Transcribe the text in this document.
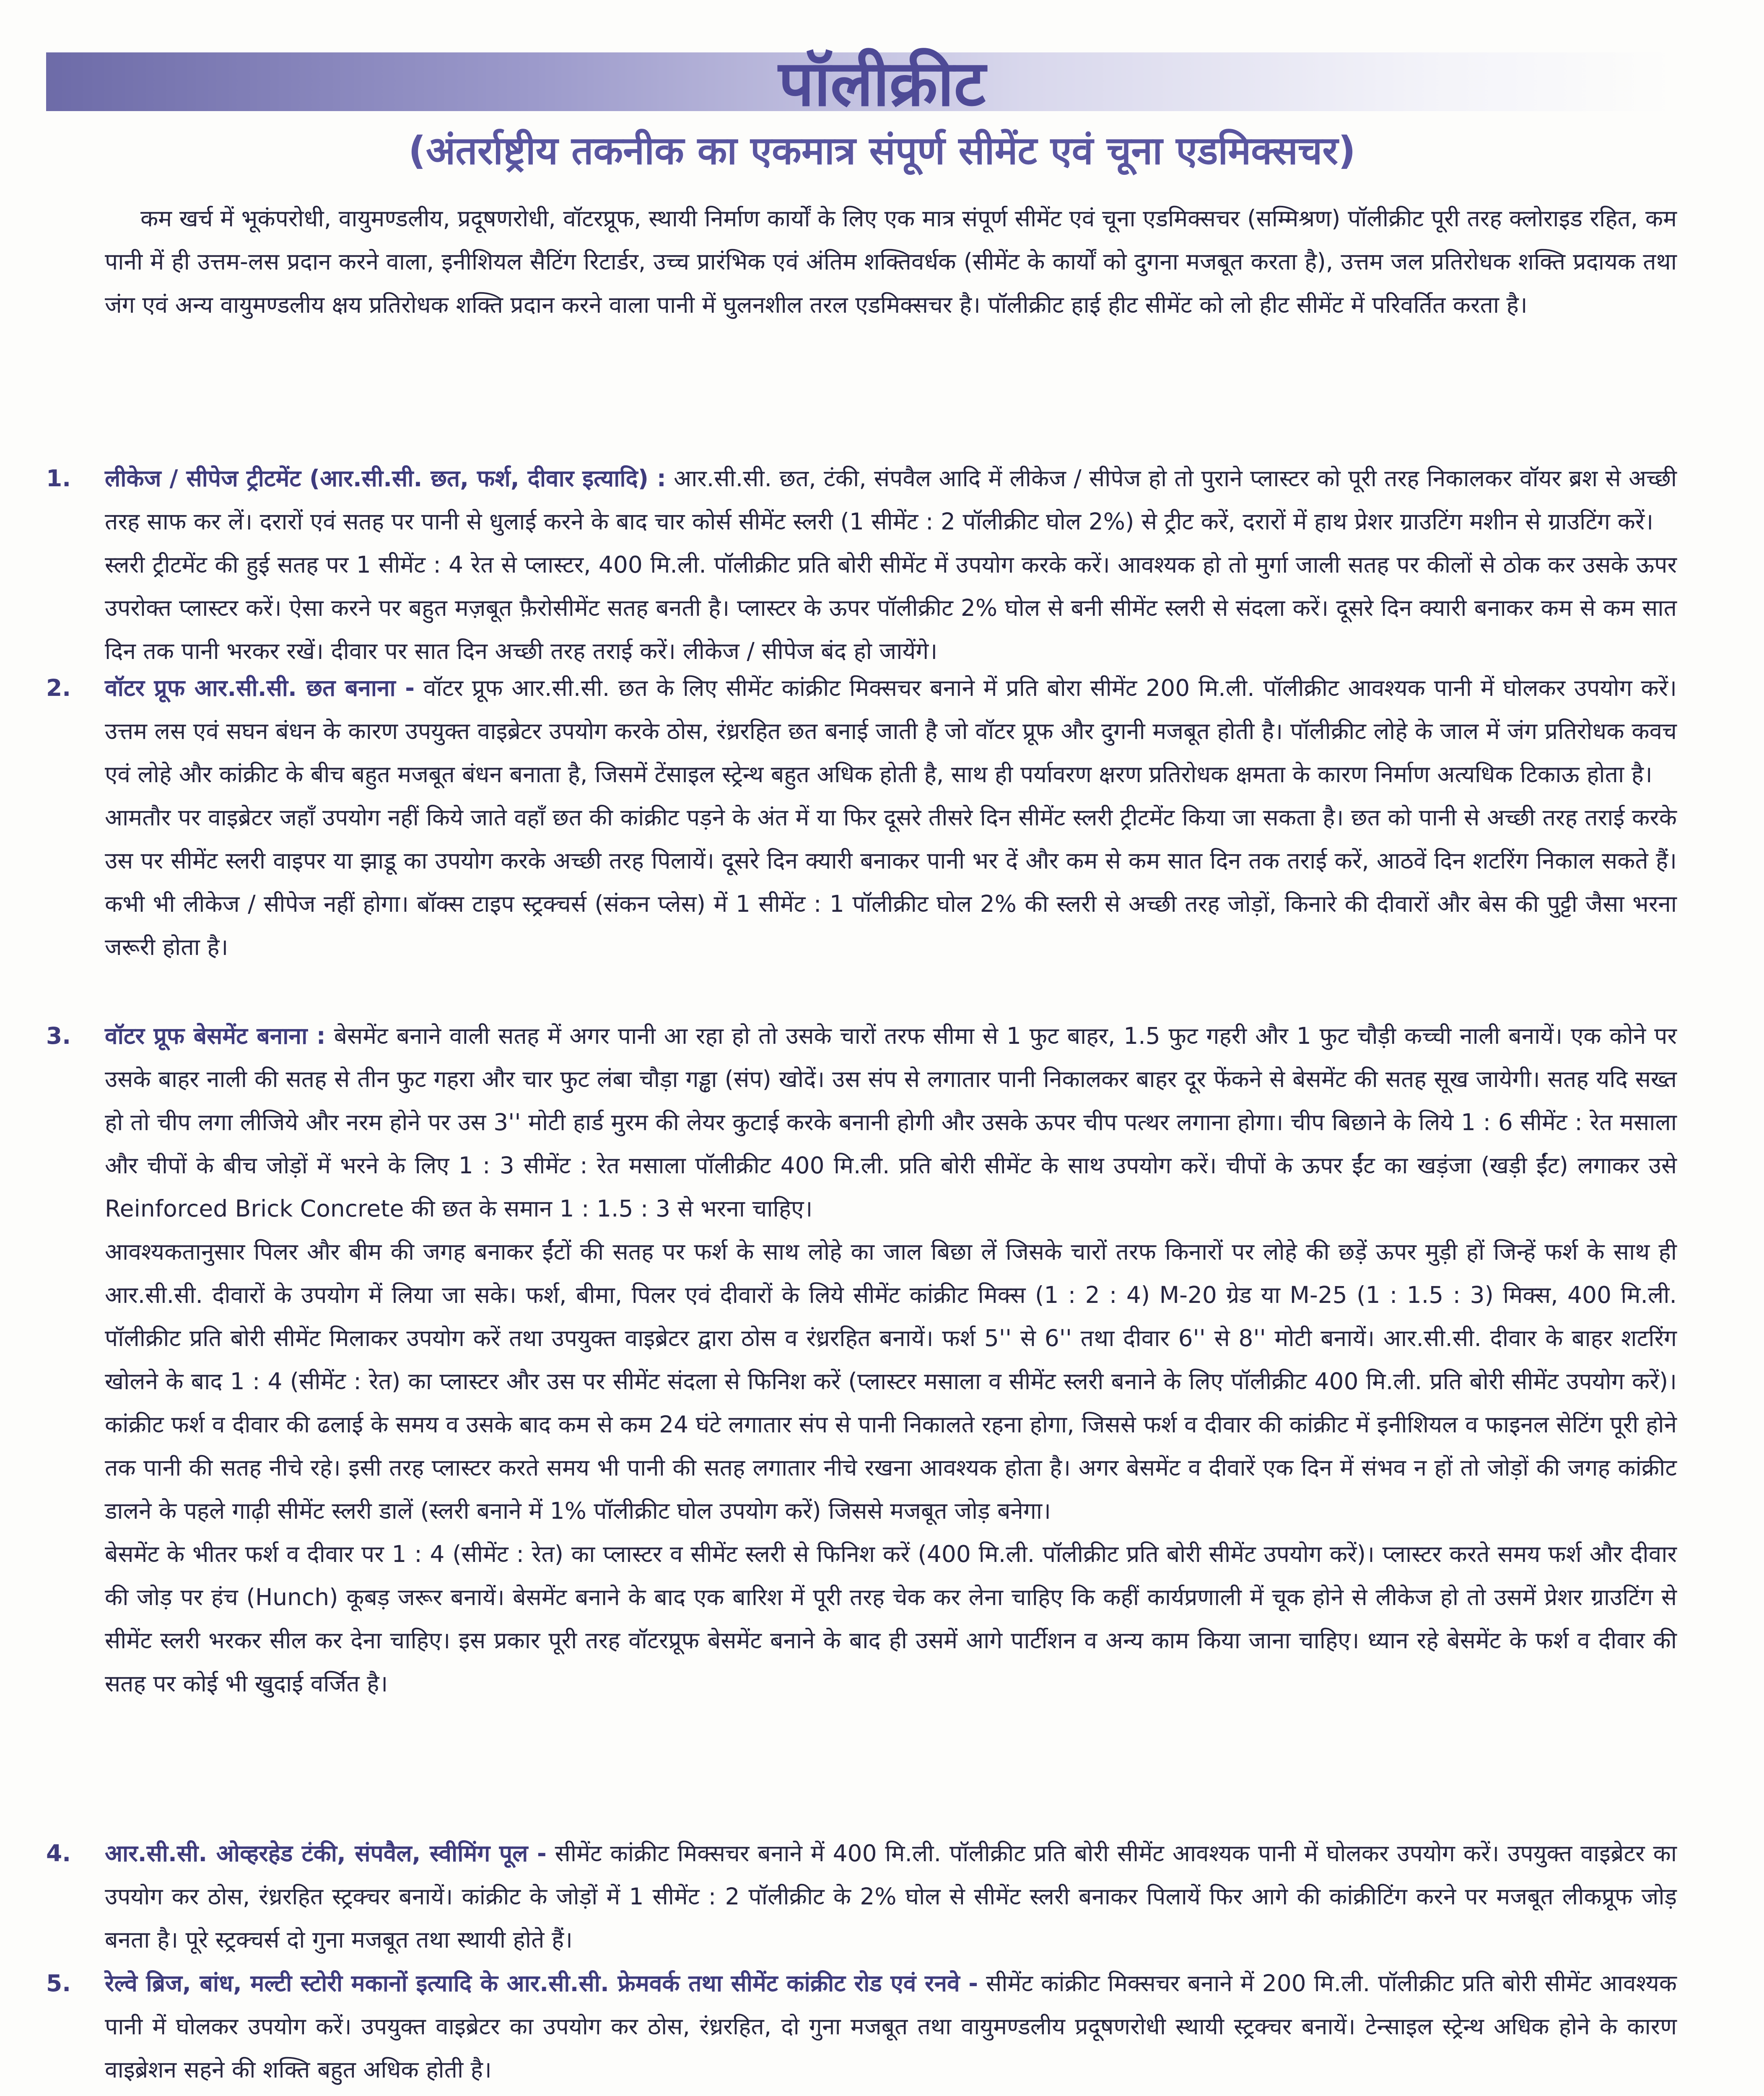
पॉलीक्रीट
(अंतर्राष्ट्रीय तकनीक का एकमात्र संपूर्ण सीमेंट एवं चूना एडमिक्सचर)
कम खर्च में भूकंपरोधी, वायुमण्डलीय, प्रदूषणरोधी, वॉटरप्रूफ, स्थायी निर्माण कार्यों के लिए एक मात्र संपूर्ण सीमेंट एवं चूना एडमिक्सचर (सम्मिश्रण) पॉलीक्रीट पूरी तरह क्लोराइड रहित, कम पानी में ही उत्तम-लस प्रदान करने वाला, इनीशियल सैटिंग रिटार्डर, उच्च प्रारंभिक एवं अंतिम शक्तिवर्धक (सीमेंट के कार्यों को दुगना मजबूत करता है), उत्तम जल प्रतिरोधक शक्ति प्रदायक तथा जंग एवं अन्य वायुमण्डलीय क्षय प्रतिरोधक शक्ति प्रदान करने वाला पानी में घुलनशील तरल एडमिक्सचर है। पॉलीक्रीट हाई हीट सीमेंट को लो हीट सीमेंट में परिवर्तित करता है।
1.	लीकेज / सीपेज ट्रीटमेंट (आर.सी.सी. छत, फर्श, दीवार इत्यादि) : आर.सी.सी. छत, टंकी, संपवैल आदि में लीकेज / सीपेज हो तो पुराने प्लास्टर को पूरी तरह निकालकर वॉयर ब्रश से अच्छी तरह साफ कर लें। दरारों एवं सतह पर पानी से धुलाई करने के बाद चार कोर्स सीमेंट स्लरी (1 सीमेंट : 2 पॉलीक्रीट घोल 2%) से ट्रीट करें, दरारों में हाथ प्रेशर ग्राउटिंग मशीन से ग्राउटिंग करें।

स्लरी ट्रीटमेंट की हुई सतह पर 1 सीमेंट : 4 रेत से प्लास्टर, 400 मि.ली. पॉलीक्रीट प्रति बोरी सीमेंट में उपयोग करके करें। आवश्यक हो तो मुर्गा जाली सतह पर कीलों से ठोक कर उसके ऊपर उपरोक्त प्लास्टर करें। ऐसा करने पर बहुत मज़बूत फ़ैरोसीमेंट सतह बनती है। प्लास्टर के ऊपर पॉलीक्रीट 2% घोल से बनी सीमेंट स्लरी से संदला करें। दूसरे दिन क्यारी बनाकर कम से कम सात दिन तक पानी भरकर रखें। दीवार पर सात दिन अच्छी तरह तराई करें। लीकेज / सीपेज बंद हो जायेंगे।

2.	वॉटर प्रूफ आर.सी.सी. छत बनाना - वॉटर प्रूफ आर.सी.सी. छत के लिए सीमेंट कांक्रीट मिक्सचर बनाने में प्रति बोरा सीमेंट 200 मि.ली. पॉलीक्रीट आवश्यक पानी में घोलकर उपयोग करें। उत्तम लस एवं सघन बंधन के कारण उपयुक्त वाइब्रेटर उपयोग करके ठोस, रंध्ररहित छत बनाई जाती है जो वॉटर प्रूफ और दुगनी मजबूत होती है। पॉलीक्रीट लोहे के जाल में जंग प्रतिरोधक कवच एवं लोहे और कांक्रीट के बीच बहुत मजबूत बंधन बनाता है, जिसमें टेंसाइल स्ट्रेन्थ बहुत अधिक होती है, साथ ही पर्यावरण क्षरण प्रतिरोधक क्षमता के कारण निर्माण अत्यधिक टिकाऊ होता है।

आमतौर पर वाइब्रेटर जहाँ उपयोग नहीं किये जाते वहाँ छत की कांक्रीट पड़ने के अंत में या फिर दूसरे तीसरे दिन सीमेंट स्लरी ट्रीटमेंट किया जा सकता है। छत को पानी से अच्छी तरह तराई करके उस पर सीमेंट स्लरी वाइपर या झाडू का उपयोग करके अच्छी तरह पिलायें। दूसरे दिन क्यारी बनाकर पानी भर दें और कम से कम सात दिन तक तराई करें, आठवें दिन शटरिंग निकाल सकते हैं। कभी भी लीकेज / सीपेज नहीं होगा। बॉक्स टाइप स्ट्रक्चर्स (संकन प्लेस) में 1 सीमेंट : 1 पॉलीक्रीट घोल 2% की स्लरी से अच्छी तरह जोड़ों, किनारे की दीवारों और बेस की पुट्टी जैसा भरना जरूरी होता है।

3.	वॉटर प्रूफ बेसमेंट बनाना : बेसमेंट बनाने वाली सतह में अगर पानी आ रहा हो तो उसके चारों तरफ सीमा से 1 फुट बाहर, 1.5 फुट गहरी और 1 फुट चौड़ी कच्ची नाली बनायें। एक कोने पर उसके बाहर नाली की सतह से तीन फुट गहरा और चार फुट लंबा चौड़ा गड्ढा (संप) खोदें। उस संप से लगातार पानी निकालकर बाहर दूर फेंकने से बेसमेंट की सतह सूख जायेगी। सतह यदि सख्त हो तो चीप लगा लीजिये और नरम होने पर उस 3'' मोटी हार्ड मुरम की लेयर कुटाई करके बनानी होगी और उसके ऊपर चीप पत्थर लगाना होगा। चीप बिछाने के लिये 1 : 6 सीमेंट : रेत मसाला और चीपों के बीच जोड़ों में भरने के लिए 1 : 3 सीमेंट : रेत मसाला पॉलीक्रीट 400 मि.ली. प्रति बोरी सीमेंट के साथ उपयोग करें। चीपों के ऊपर ईंट का खड़ंजा (खड़ी ईंट) लगाकर उसे Reinforced Brick Concrete की छत के समान 1 : 1.5 : 3 से भरना चाहिए।

आवश्यकतानुसार पिलर और बीम की जगह बनाकर ईंटों की सतह पर फर्श के साथ लोहे का जाल बिछा लें जिसके चारों तरफ किनारों पर लोहे की छड़ें ऊपर मुड़ी हों जिन्हें फर्श के साथ ही आर.सी.सी. दीवारों के उपयोग में लिया जा सके। फर्श, बीमा, पिलर एवं दीवारों के लिये सीमेंट कांक्रीट मिक्स (1 : 2 : 4) M-20 ग्रेड या M-25 (1 : 1.5 : 3) मिक्स, 400 मि.ली. पॉलीक्रीट प्रति बोरी सीमेंट मिलाकर उपयोग करें तथा उपयुक्त वाइब्रेटर द्वारा ठोस व रंध्ररहित बनायें। फर्श 5'' से 6'' तथा दीवार 6'' से 8'' मोटी बनायें। आर.सी.सी. दीवार के बाहर शटरिंग खोलने के बाद 1 : 4 (सीमेंट : रेत) का प्लास्टर और उस पर सीमेंट संदला से फिनिश करें (प्लास्टर मसाला व सीमेंट स्लरी बनाने के लिए पॉलीक्रीट 400 मि.ली. प्रति बोरी सीमेंट उपयोग करें)। कांक्रीट फर्श व दीवार की ढलाई के समय व उसके बाद कम से कम 24 घंटे लगातार संप से पानी निकालते रहना होगा, जिससे फर्श व दीवार की कांक्रीट में इनीशियल व फाइनल सेटिंग पूरी होने तक पानी की सतह नीचे रहे। इसी तरह प्लास्टर करते समय भी पानी की सतह लगातार नीचे रखना आवश्यक होता है। अगर बेसमेंट व दीवारें एक दिन में संभव न हों तो जोड़ों की जगह कांक्रीट डालने के पहले गाढ़ी सीमेंट स्लरी डालें (स्लरी बनाने में 1% पॉलीक्रीट घोल उपयोग करें) जिससे मजबूत जोड़ बनेगा।

बेसमेंट के भीतर फर्श व दीवार पर 1 : 4 (सीमेंट : रेत) का प्लास्टर व सीमेंट स्लरी से फिनिश करें (400 मि.ली. पॉलीक्रीट प्रति बोरी सीमेंट उपयोग करें)। प्लास्टर करते समय फर्श और दीवार की जोड़ पर हंच (Hunch) कूबड़ जरूर बनायें। बेसमेंट बनाने के बाद एक बारिश में पूरी तरह चेक कर लेना चाहिए कि कहीं कार्यप्रणाली में चूक होने से लीकेज हो तो उसमें प्रेशर ग्राउटिंग से सीमेंट स्लरी भरकर सील कर देना चाहिए। इस प्रकार पूरी तरह वॉटरप्रूफ बेसमेंट बनाने के बाद ही उसमें आगे पार्टीशन व अन्य काम किया जाना चाहिए। ध्यान रहे बेसमेंट के फर्श व दीवार की सतह पर कोई भी खुदाई वर्जित है।

4.	आर.सी.सी. ओव्हरहेड टंकी, संपवैल, स्वीमिंग पूल - सीमेंट कांक्रीट मिक्सचर बनाने में 400 मि.ली. पॉलीक्रीट प्रति बोरी सीमेंट आवश्यक पानी में घोलकर उपयोग करें। उपयुक्त वाइब्रेटर का उपयोग कर ठोस, रंध्ररहित स्ट्रक्चर बनायें। कांक्रीट के जोड़ों में 1 सीमेंट : 2 पॉलीक्रीट के 2% घोल से सीमेंट स्लरी बनाकर पिलायें फिर आगे की कांक्रीटिंग करने पर मजबूत लीकप्रूफ जोड़ बनता है। पूरे स्ट्रक्चर्स दो गुना मजबूत तथा स्थायी होते हैं।

5.	रेल्वे ब्रिज, बांध, मल्टी स्टोरी मकानों इत्यादि के आर.सी.सी. फ्रेमवर्क तथा सीमेंट कांक्रीट रोड एवं रनवे - सीमेंट कांक्रीट मिक्सचर बनाने में 200 मि.ली. पॉलीक्रीट प्रति बोरी सीमेंट आवश्यक पानी में घोलकर उपयोग करें। उपयुक्त वाइब्रेटर का उपयोग कर ठोस, रंध्ररहित, दो गुना मजबूत तथा वायुमण्डलीय प्रदूषणरोधी स्थायी स्ट्रक्चर बनायें। टेन्साइल स्ट्रेन्थ अधिक होने के कारण वाइब्रेशन सहने की शक्ति बहुत अधिक होती है।
